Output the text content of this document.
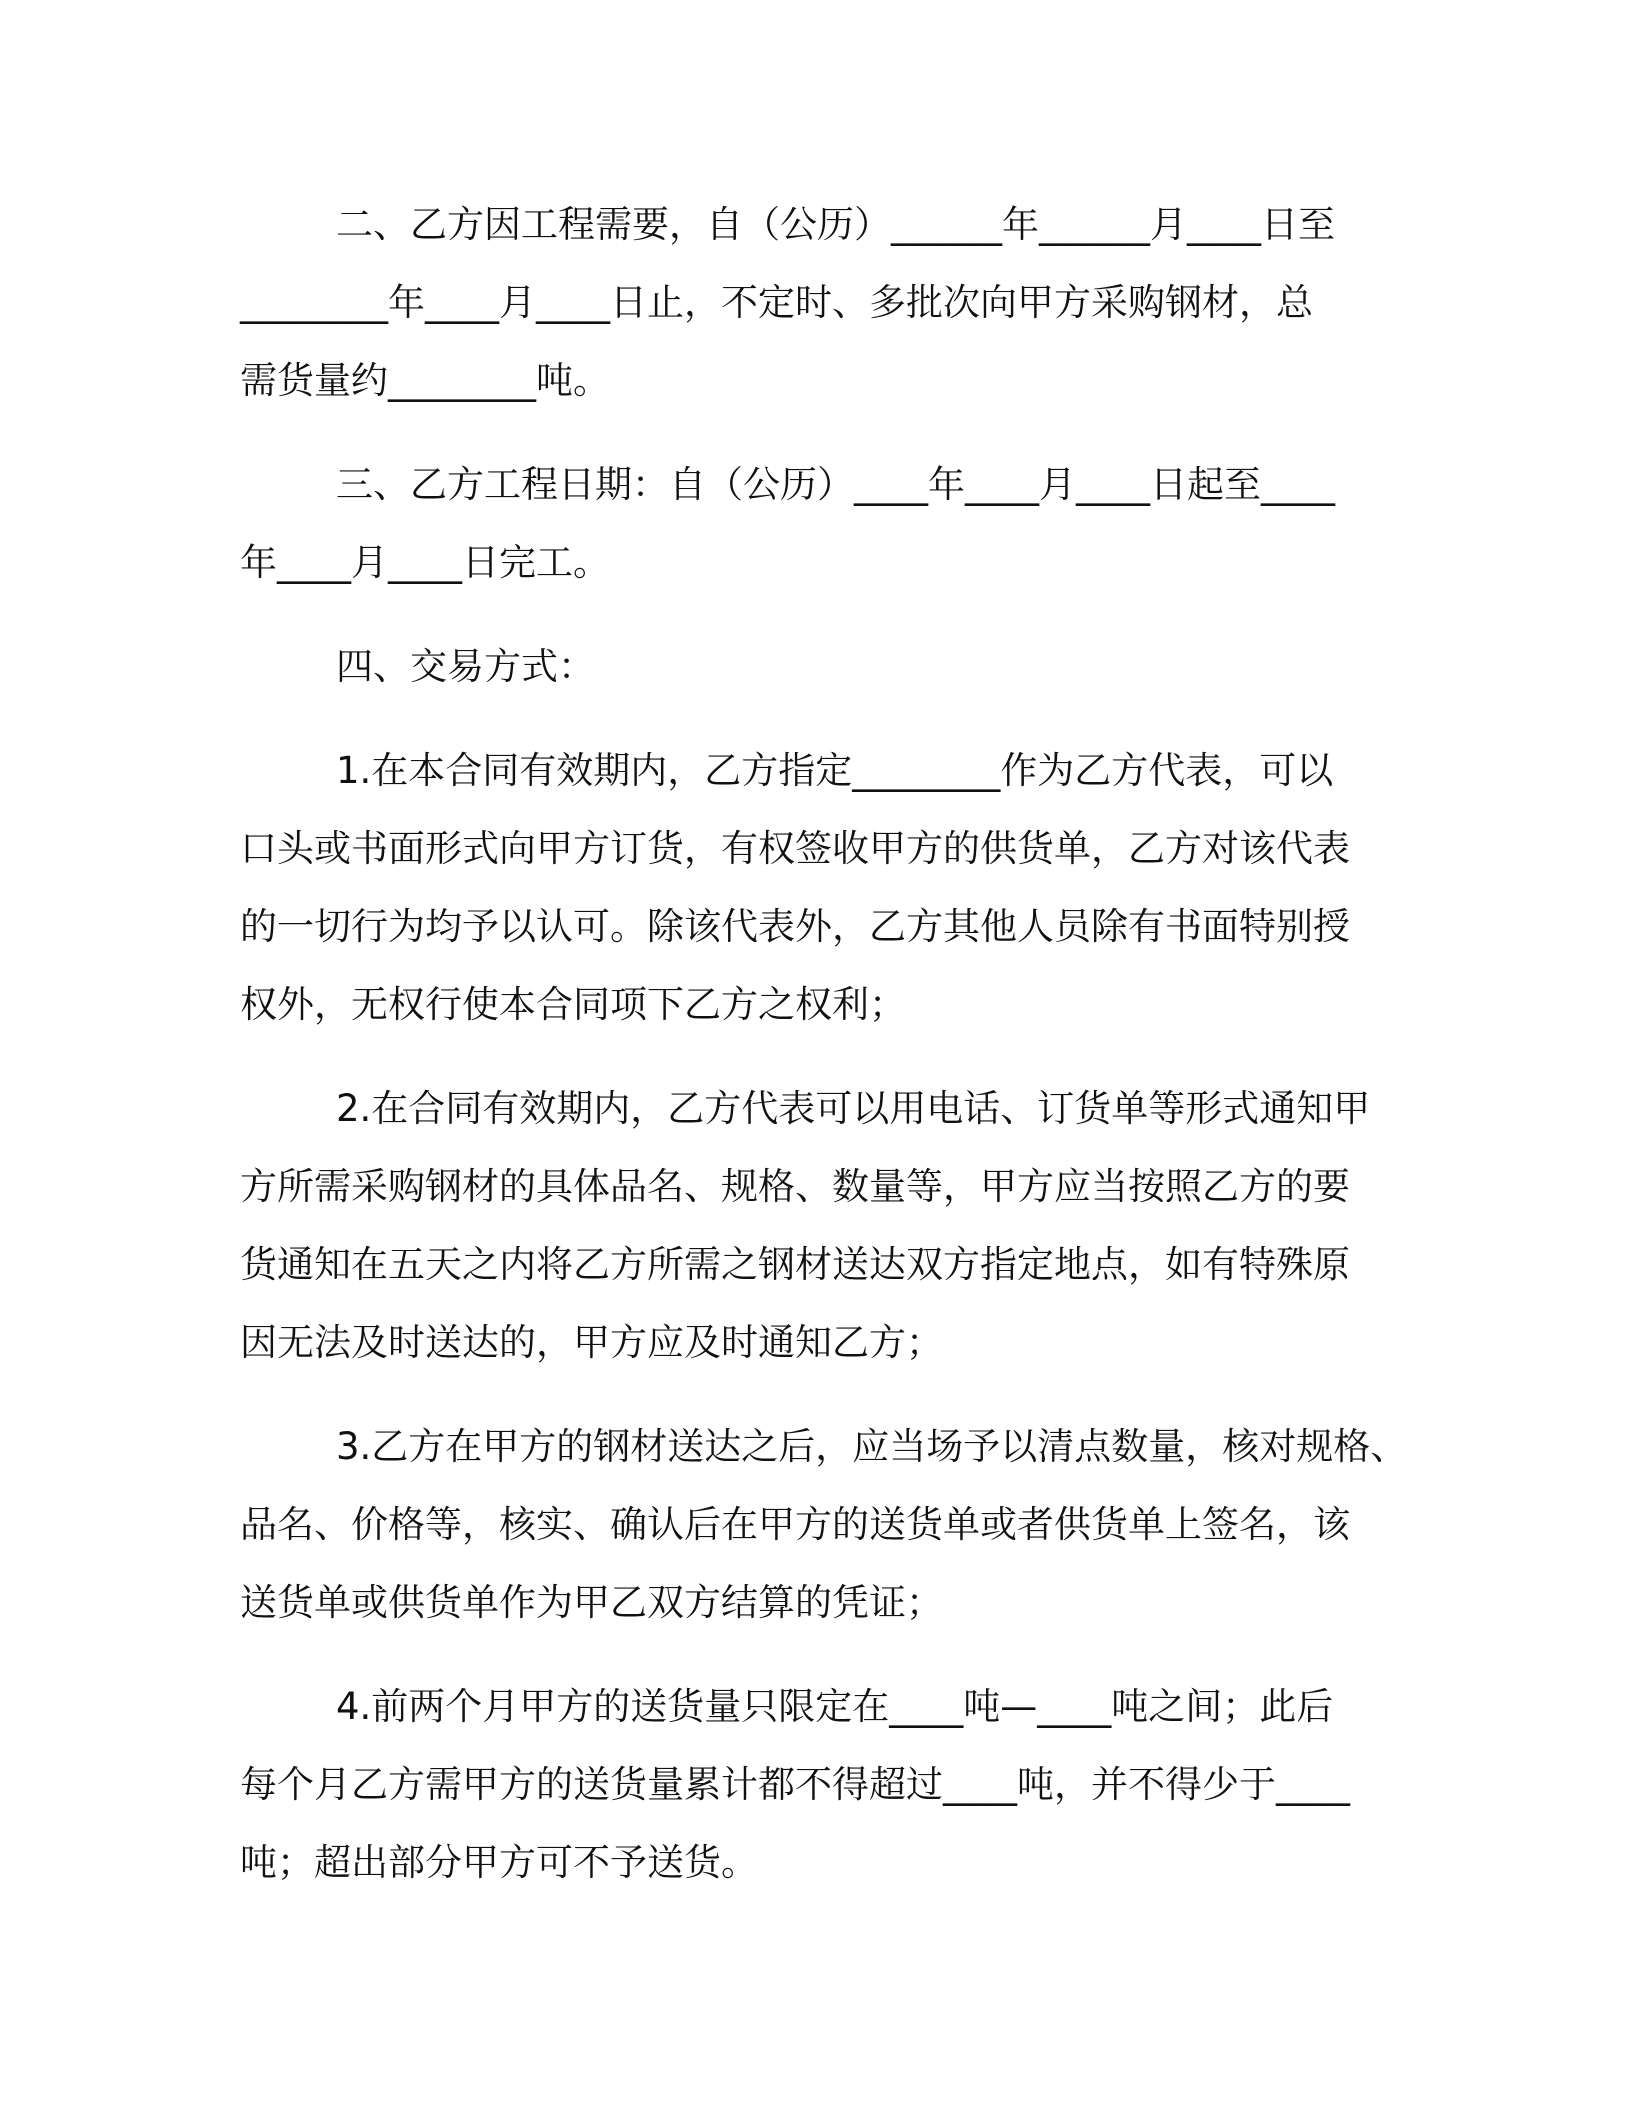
二、乙方因工程需要，自（公历）______年______月____日至
________年____月____日止，不定时、多批次向甲方采购钢材，总
需货量约________吨。
三、乙方工程日期：自（公历）____年____月____日起至____
年____月____日完工。
四、交易方式：
1.在本合同有效期内，乙方指定________作为乙方代表，可以
口头或书面形式向甲方订货，有权签收甲方的供货单，乙方对该代表
的一切行为均予以认可。除该代表外，乙方其他人员除有书面特别授
权外，无权行使本合同项下乙方之权利；
2.在合同有效期内，乙方代表可以用电话、订货单等形式通知甲
方所需采购钢材的具体品名、规格、数量等，甲方应当按照乙方的要
货通知在五天之内将乙方所需之钢材送达双方指定地点，如有特殊原
因无法及时送达的，甲方应及时通知乙方；
3.乙方在甲方的钢材送达之后，应当场予以清点数量，核对规格、
品名、价格等，核实、确认后在甲方的送货单或者供货单上签名，该
送货单或供货单作为甲乙双方结算的凭证；
4.前两个月甲方的送货量只限定在____吨—____吨之间；此后
每个月乙方需甲方的送货量累计都不得超过____吨，并不得少于____
吨；超出部分甲方可不予送货。
